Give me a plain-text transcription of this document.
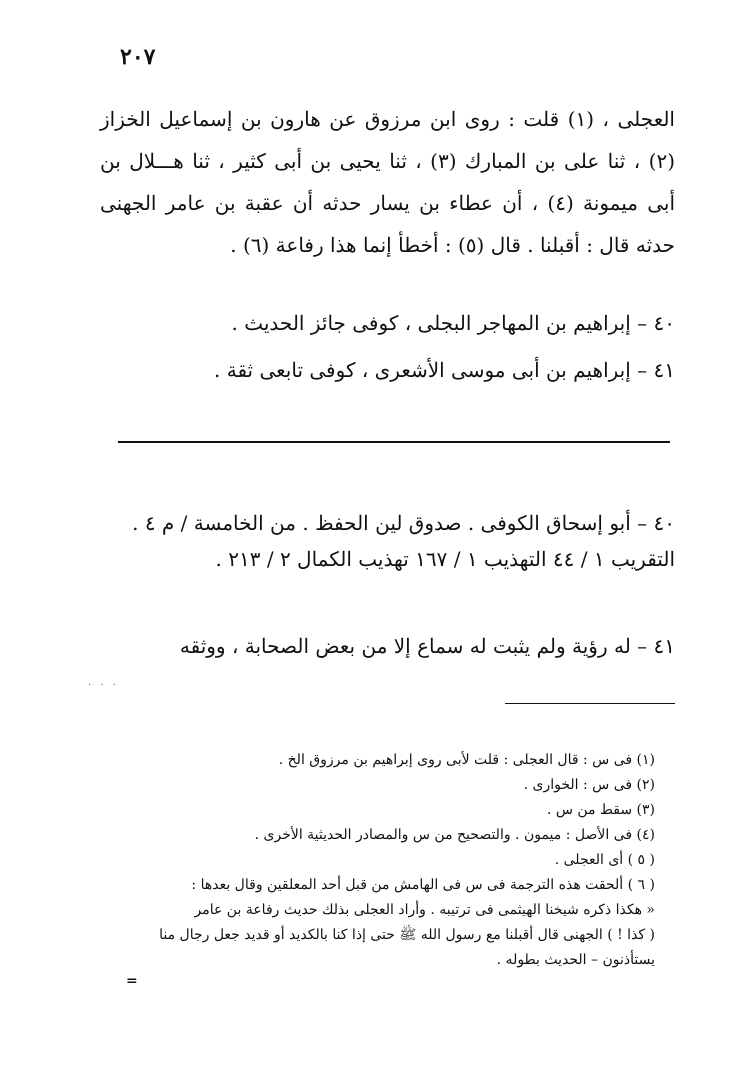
٢٠٧
العجلى ، (١) قلت : روى ابن مرزوق عن هارون بن إسماعيل الخزاز (٢) ، ثنا على بن المبارك (٣) ، ثنا يحيى بن أبى كثير ، ثنا هـــلال بن أبى ميمونة (٤) ، أن عطاء بن يسار حدثه أن عقبة بن عامر الجهنى حدثه قال : أقبلنا . قال (٥) : أخطأ إنما هذا رفاعة (٦) .
٤٠ – إبراهيم بن المهاجر البجلى ، كوفى جائز الحديث .
٤١ – إبراهيم بن أبى موسى الأشعرى ، كوفى تابعى ثقة .
٤٠ – أبو إسحاق الكوفى . صدوق لين الحفظ . من الخامسة / م ٤ . التقريب ١ / ٤٤ التهذيب ١ / ١٦٧ تهذيب الكمال ٢ / ٢١٣ .
٤١ – له رؤية ولم يثبت له سماع إلا من بعض الصحابة ، ووثقه
· · ·
(١) فى س : قال العجلى : قلت لأبى روى إبراهيم بن مرزوق الخ .
(٢) فى س : الخوارى .
(٣) سقط من س .
(٤) فى الأصل : ميمون . والتصحيح من س والمصادر الحديثية الأخرى .
( ٥ ) أى العجلى .
( ٦ ) ألحقت هذه الترجمة فى س فى الهامش من قبل أحد المعلقين وقال بعدها :
« هكذا ذكره شيخنا الهيثمى فى ترتيبه . وأراد العجلى بذلك حديث رفاعة بن عامر
( كذا ! ) الجهنى قال أقبلنا مع رسول الله ﷺ حتى إذا كنا بالكديد أو قديد جعل رجال منا
يستأذنون – الحديث بطوله .
=
